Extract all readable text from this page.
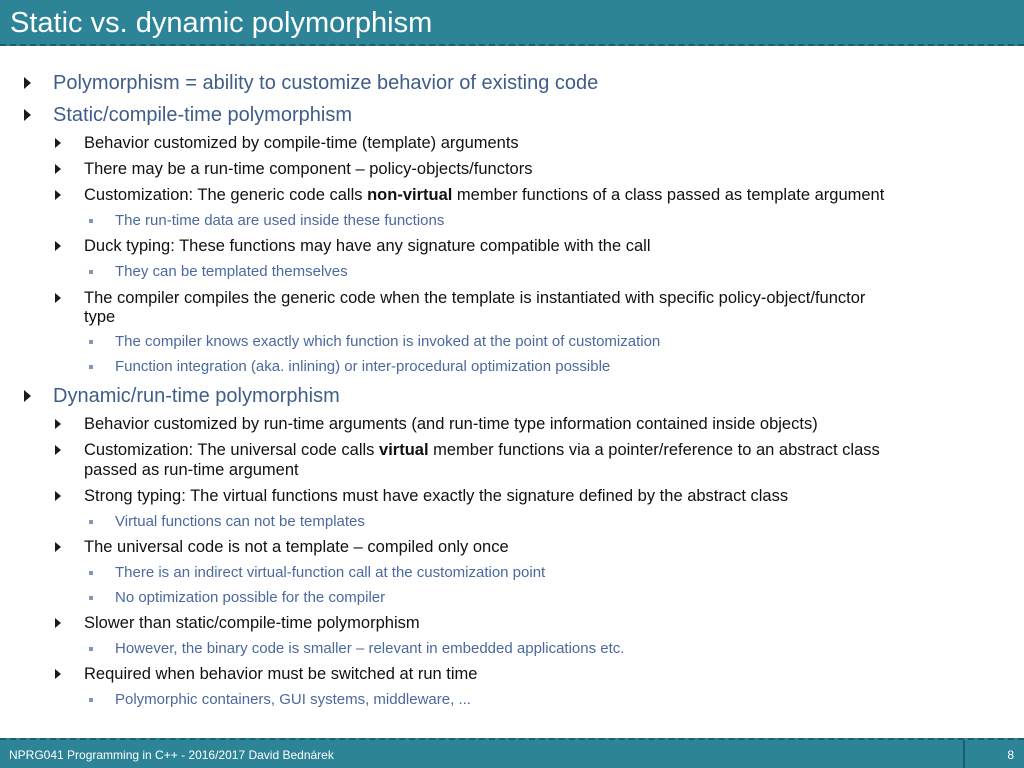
Static vs. dynamic polymorphism
Polymorphism = ability to customize behavior of existing code
Static/compile-time polymorphism
Behavior customized by compile-time (template) arguments
There may be a run-time component – policy-objects/functors
Customization: The generic code calls non-virtual member functions of a class passed as template argument
The run-time data are used inside these functions
Duck typing: These functions may have any signature compatible with the call
They can be templated themselves
The compiler compiles the generic code when the template is instantiated with specific policy-object/functor
type
The compiler knows exactly which function is invoked at the point of customization
Function integration (aka. inlining) or inter-procedural optimization possible
Dynamic/run-time polymorphism
Behavior customized by run-time arguments (and run-time type information contained inside objects)
Customization: The universal code calls virtual member functions via a pointer/reference to an abstract class
passed as run-time argument
Strong typing: The virtual functions must have exactly the signature defined by the abstract class
Virtual functions can not be templates
The universal code is not a template – compiled only once
There is an indirect virtual-function call at the customization point
No optimization possible for the compiler
Slower than static/compile-time polymorphism
However, the binary code is smaller – relevant in embedded applications etc.
Required when behavior must be switched at run time
Polymorphic containers, GUI systems, middleware, ...
NPRG041 Programming in C++ - 2016/2017 David Bednárek	8
